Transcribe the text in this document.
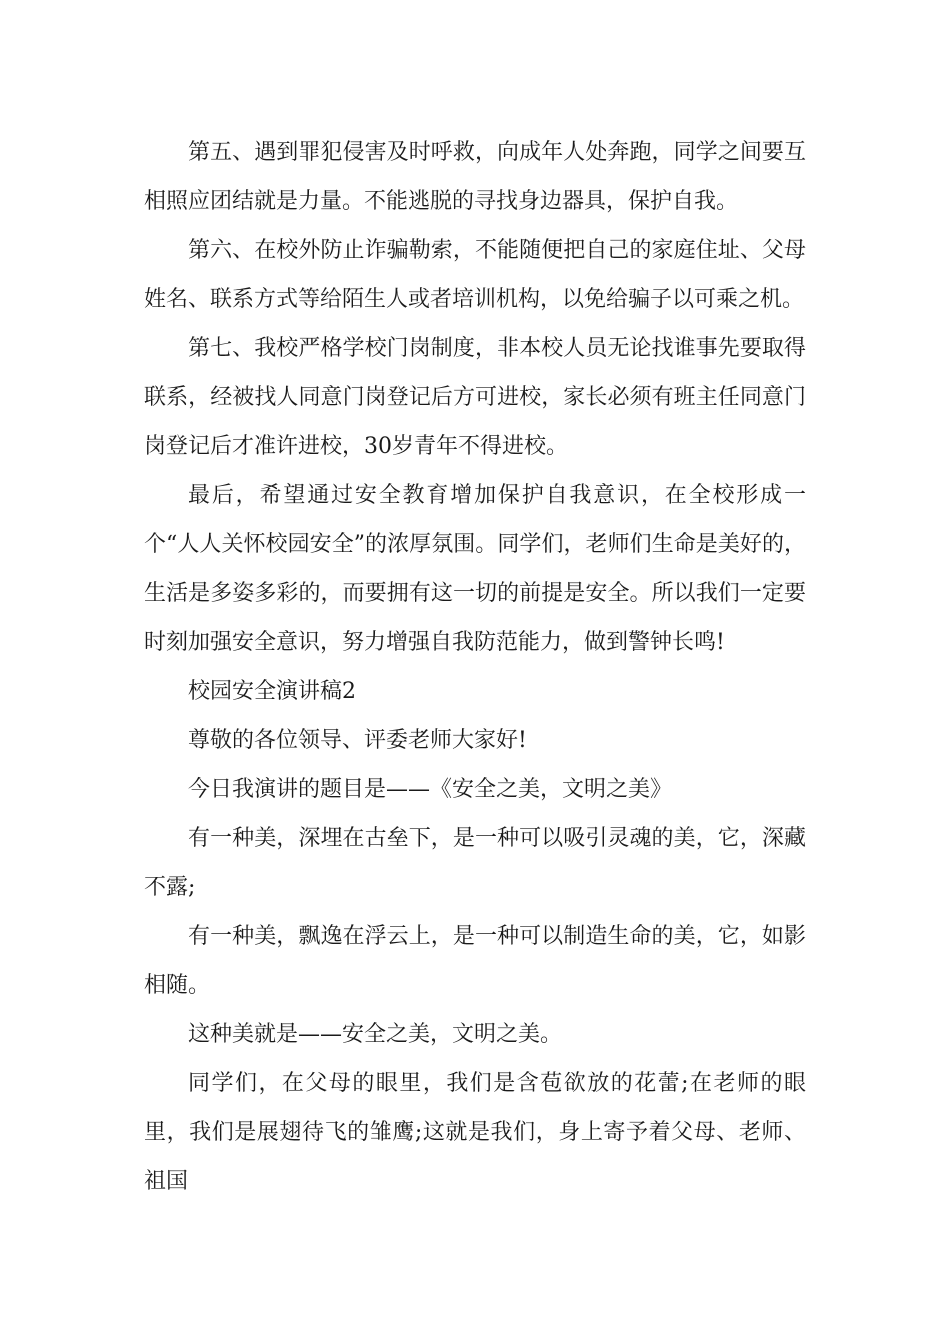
第五、遇到罪犯侵害及时呼救，向成年人处奔跑，同学之间要互相照应团结就是力量。不能逃脱的寻找身边器具，保护自我。

第六、在校外防止诈骗勒索，不能随便把自己的家庭住址、父母姓名、联系方式等给陌生人或者培训机构，以免给骗子以可乘之机。

第七、我校严格学校门岗制度，非本校人员无论找谁事先要取得联系，经被找人同意门岗登记后方可进校，家长必须有班主任同意门岗登记后才准许进校，30岁青年不得进校。

最后，希望通过安全教育增加保护自我意识，在全校形成一个“人人关怀校园安全”的浓厚氛围。同学们，老师们生命是美好的，生活是多姿多彩的，而要拥有这一切的前提是安全。所以我们一定要时刻加强安全意识，努力增强自我防范能力，做到警钟长鸣!

校园安全演讲稿2

尊敬的各位领导、评委老师大家好!

今日我演讲的题目是——《安全之美，文明之美》

有一种美，深埋在古垒下，是一种可以吸引灵魂的美，它，深藏不露;

有一种美，飘逸在浮云上，是一种可以制造生命的美，它，如影相随。

这种美就是——安全之美，文明之美。

同学们，在父母的眼里，我们是含苞欲放的花蕾;在老师的眼里，我们是展翅待飞的雏鹰;这就是我们，身上寄予着父母、老师、祖国
